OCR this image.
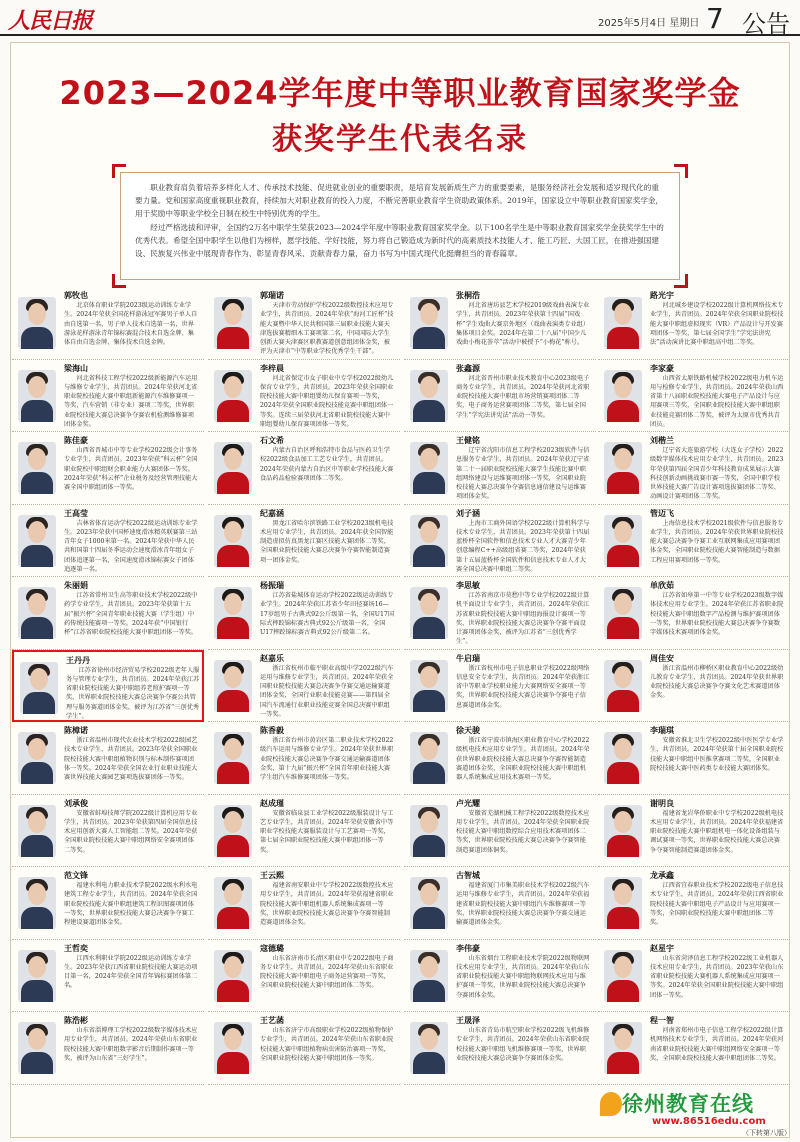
人民日报	2025年5月4日 星期日 7 公告
2023—2024学年度中等职业教育国家奖学金
获奖学生代表名录

职业教育肩负着培养多样化人才、传承技术技能、促进就业创业的重要职责，是培育发展新质生产力的重要要素，是服务经济社会发展和适岁现代化的重要力量。党和国家高度重视职业教育，持续加大对职业教育的投入力度，不断完善职业教育学生资助政策体系。2019年，国家设立中等职业教育国家奖学金，用于奖励中等职业学校全日制在校生中特别优秀的学生。

经过严格选拔和评审，全国约2万名中职学生荣获2023—2024学年度中等职业教育国家奖学金。以下100名学生是中等职业教育国家奖学金获奖学生中的优秀代表。希望全国中职学生以他们为榜样，愿学技能、学好技能，努力将自己锻造成为新时代的高素质技术技能人才、能工巧匠、大国工匠，在推进强国建设、民族复兴伟业中展现青春作为、彰显青春风采、贡献青春力量，奋力书写为中国式现代化挺膺担当的青春篇章。

郭牧也
北京体育职业学院2023级运动训练专业学生。2024年荣获全国花样游泳冠军赛男子单人自由自选第一名，男子单人技术自选第一名，世界游泳花样游泳青年锦标赛混合技术自选金牌、集体自由自选金牌、集体技术自选金牌。
郭瑞诺
天津市劳动保护学校2022级数控技术应用专业学生，共青团员。2024年荣获“海河工匠杯”技能大赛暨中华人民共和国第三届职业技能大赛天津选拔赛精细木工赛项第二名，中国国际大学生创新大赛天津赛区职教赛道创意组团体金奖，被评为天津市“中等职业学校优秀学生干部”。
张桐浩
河北省唐坊县艺术学校2019级戏曲表演专业学生，共青团员。2023年荣获第十四届“国戏杯”学生戏曲大赛京外地区（戏曲表演类专业组）集体项目金奖。2024年在第二十八届“中国少儿戏曲小梅花荟萃”活动中被授予“小梅花”称号。
路光宇
河北城乡建设学校2022级计算机网络技术专业学生，共青团员。2024年荣获全国职业院校技能大赛中职组虚拟现实（VR）产品设计与开发赛项团体一等奖，第七届全国学生“学宪法讲宪法”活动演讲比赛中职组高中组二等奖。
梁海山
河北省科技工程学校2022级新能源汽车运用与维修专业学生，共青团员。2024年荣获河北省职业院校技能大赛中职组新能源汽车维修赛项一等奖，汽车营销（非专业）赛项二等奖，世界职业院校技能大赛总决赛争夺赛农机检测维修赛项团体金奖。
李梓晨
河北省保定市女子职业中专学校2022级幼儿保育专业学生，共青团员。2023年荣获全国职业院校技能大赛中职组婴幼儿保育赛项一等奖，2024年荣获全国职业院校技能竞赛中职组团体一等奖。连续三届荣获河北省职业院校技能大赛中职组婴幼儿保育赛项团体一等奖。
张鑫源
河北省晋州市职业技术教育中心2023级电子商务专业学生，共青团员。2024年荣获河北省职业院校技能大赛中职组市场营销赛项团体二等奖，电子商务运营赛项团体二等奖，第七届全国学生“学宪法讲宪法”活动一等奖。
李家豪
山西省太原铁路机械学校2022级电力机车运用与检修专业学生，共青团员。2024年荣获山西省第十八届职业院校技能大赛电子产品设计与应用赛项三等奖，全国职业院校技能大赛中职组职业技能竞赛团体二等奖，被评为太原市优秀共青团员。
陈佳豪
山西省晋城市中等专业学校2022级会计事务专业学生，共青团员。2023年荣获“科云杯”全国职业院校中职组财会职业能力大赛团体一等奖。2024年荣获“科云杯”企业税务及经营管理技能大赛全国中职组团体一等奖。
石文希
内蒙古自治区呼和浩特市食品与医药卫生学校2022级食品加工工艺专业学生，共青团员。2024年荣获内蒙古自治区中等职业学校技能大赛食品药品检验赛项团体二等奖。
王健铭
辽宁省沈阳市信息工程学校2023级软件与信息服务专业学生，共青团员。2024年荣获辽宁省第二十一届职业院校技能大赛学生技能比赛中职组网络建设与运维赛项团体一等奖，全国职业院校技能大赛总决赛争夺赛信息通信建设与运维赛项团体金奖。
刘楷兰
辽宁省大连旅游学校（大连女子学校）2022级数字媒体技术应用专业学生，共青团员。2023年荣获第四届全国青少年科技教育成果展示大赛科技创新动画挑战赛市赛一等奖，全国中职学校世界技能大赛广告设计赛项选拔赛团体二等奖、动画设计赛项团体二等奖。
王高莹
吉林省体育运动学校2022级运动训练专业学生。2023年荣获中国杯速度滑冰精英联赛第三站青年女子1000米第一名。2024年荣获中华人民共和国第十四届冬季运动会速度滑冰青年组女子团体追逐第一名，全国速度滑冰锦标赛女子团体追逐第一名。
纪嘉涵
黑龙江省哈尔滨铁路工业学校2023级机电技术应用专业学生，共青团员。2024年获全国智能制造虚拟仿真黑龙江赛区技能大赛团体二等奖，全国职业院校技能大赛总决赛争夺赛智能制造赛项一团体金奖。
刘子涵
上海市工商外国语学校2022级计算机科学与技术专业学生，共青团员。2023年荣获第十四届蓝桥杯全国软件和信息技术专业人才大赛青少年创意编程C++高级组省赛二等奖，2024年荣获第十五届蓝桥杯全国软件和信息技术专业人才大赛全国总决赛中职组二等奖。
管迈飞
上海信息技术学校2021级软件与信息服务专业学生，共青团员。2024年荣获世界职业院校技能大赛总决赛争夺赛工业互联网集成应用赛项团体金奖，全国职业院校技能大赛智能制造与数据工程应用赛项团体一等奖。
朱丽娟
江苏省常州卫生高等职业技术学校2022级中药学专业学生，共青团员。2023年荣获第十五届“振兴杯”全国青年职业技能大赛（学生组）中药传统技能赛项一等奖。2024年获“中国银行杯”江苏省职业院校技能大赛中职组团体一等奖。
杨振瑞
江苏省盐城体育运动学校2022级运动训练专业学生。2024年荣获江苏省少年田径赛场16—17岁组男子古典式92公斤级第一名，全国U17国际式摔跤锦标赛古典式92公斤级第一名，全国U17摔跤锦标赛古典式92公斤级第二名。
李思敏
江苏省南京市莫愁中等专业学校2022级计算机平面设计专业学生，共青团员。2024年荣获江苏省职业院校技能大赛中职组海报设计赛项一等奖，世界职业院校技能大赛总决赛争夺赛平面设计赛项团体金奖，被评为江苏省“三创优秀学生”。
单欣茹
江苏省如皋第一中等专业学校2023级数字媒体技术应用专业学生。2024年荣获江苏省职业院校技能大赛中职组数字产品检测与维护赛项团体一等奖，世界职业院校技能大赛总决赛争夺赛数字媒体技术赛项团体金奖。
王丹丹
江苏省徐州市经济贸易学校2022级老年人服务与管理专业学生，共青团员。2024年荣获江苏省职业院校技能大赛中职组养老照护赛项一等奖，世界职业院校技能大赛总决赛争夺赛公共管理与服务赛道团体金奖，被评为江苏省“三创优秀学生”。
赵嘉乐
浙江省杭州市临平职业高级中学2022级汽车运用与维修专业学生，共青团员。2024年荣获全国职业院校技能大赛总决赛争夺赛交通运输赛道团体金奖，全国行业职业技能竞赛——第四届全国汽车流通行业职业技能竞赛全国总决赛中职组一等奖。
牛启瑞
浙江省杭州市电子信息职业学校2022级网络信息安全专业学生，共青团员。2024年荣获浙江省中等职业学校职业能力大赛网络安全赛项一等奖，世界职业院校技能大赛总决赛争夺赛电子信息赛道团体金奖。
周佳安
浙江省温州市柳桥区职业教育中心2022级幼儿教育专业学生，共青团员。2024年荣获世界职业院校技能大赛总决赛争夺赛文化艺术赛道团体金奖。
陈樟诺
浙江省温州市现代农业技术学校2022级园艺技术专业学生，共青团员。2023年荣获全国职业院校技能大赛中职组植物识别与标本制作赛项团体一等奖。2024年荣获全国农业行业职业技能大赛世界技能大赛园艺赛项选拔赛团体一等奖。
陈香毅
浙江省台州市黄岩区第二职业技术学校2022级汽车运用与维修专业学生。2024年荣获世界职业院校技能大赛总决赛争夺赛交通运输赛道团体金奖，第十九届“振兴杯”全国青年职业技能大赛学生组汽车维修赛项团体一等奖。
徐天骏
浙江省宁波市镇海区职业教育中心学校2022级机电技术应用专业学生，共青团员。2024年荣获世界职业院校技能大赛总决赛争夺赛智能制造赛道团体金奖，全国职业院校技能大赛中职组机器人系统集成应用技术赛项一等奖。
李瑞琪
安徽省淮北卫生学校2022级中医医学专业学生，共青团员。2024年荣获第十届全国职业院校技能大赛中职组中医推拿赛项二等奖，全国职业院校技能大赛中医药类专业技能大赛团体奖。
刘承俊
安徽省蚌埠技师学院2022级计算机应用专业学生，共青团员。2023年荣获第四届全国信息技术应用创新大赛人工智能组二等奖。2024年荣获全国职业院校技能大赛中职组网络安全赛项团体二等奖。
赵成瑾
安徽省临泉县工业学校2022级服装设计与工艺专业学生，共青团员。2024年荣获安徽省中等职业学校技能大赛服装设计与工艺赛项一等奖，第七届全国职业院校技能大赛中职组团体一等奖。
卢光耀
安徽省芜湖机械工程学校2022级数控技术应用专业学生，共青团员。2024年荣获全国职业院校技能大赛中职组数控综合应用技术赛项团体二等奖，世界职业院校技能大赛总决赛争夺赛智能制造赛道团体铜奖。
谢明良
福建省龙岩华侨职业中专学校2022级机电技术应用专业学生，共青团员。2024年荣获福建省职业院校技能大赛中职组机电一体化设备组装与调试赛项一等奖，世界职业院校技能大赛总决赛争夺赛智能制造赛道团体金奖。
范文锋
福建水利电力职业技术学院2022级水利水电建筑工程专业学生，共青团员。2024年荣获全国职业院校技能大赛中职组建筑工程识图赛项团体一等奖，世界职业院校技能大赛总决赛争夺赛工程建设赛道团体金奖。
王云熙
福建省南安职业中专学校2022级数控技术应用专业学生，共青团员。2024年荣获福建省职业院校技能大赛中职组机器人系统集成赛项一等奖，世界职业院校技能大赛总决赛争夺赛智能制造赛道团体金奖。
古智城
福建省厦门市集美职业技术学校2022级汽车运用与维修专业学生，共青团员。2024年荣获福建省职业院校技能大赛中职组汽车维修赛项一等奖，世界职业院校技能大赛总决赛争夺赛交通运输赛道团体金奖。
龙承鑫
江西省宜春职业技术学校2022级电子信息技术专业学生，共青团员。2024年荣获江西省职业院校技能大赛中职组电子产品设计与应用赛项一等奖，全国职业院校技能大赛中职组团体二等奖。
王哲奕
江西水利职业学院2022级运动训练专业学生。2023年荣获江西省职业院校技能大赛运动项目第一名，2024年荣获全国青年锦标赛团体第二名。
寇德璐
山东省济南市长清区职业中专2022级电子商务专业学生，共青团员。2024年荣获山东省职业院校技能大赛中职组电子商务运营赛项一等奖，全国职业院校技能大赛中职组团体二等奖。
李伟豪
山东省烟台工程职业技术学院2022级物联网技术应用专业学生，共青团员。2024年荣获山东省职业院校技能大赛中职组物联网技术应用与维护赛项一等奖，世界职业院校技能大赛总决赛争夺赛团体金奖。
赵星宇
山东省菏泽信息工程学校2022级工业机器人技术应用专业学生，共青团员。2023年荣获山东省职业院校技能大赛机器人系统集成应用赛项一等奖。2024年荣获全国职业院校技能大赛中职组团体一等奖。
陈浩彬
山东省淄博理工学校2022级数字媒体技术应用专业学生，共青团员。2024年荣获山东省职业院校技能大赛中职组数字影音后期制作赛项一等奖，被评为山东省“三好学生”。
王艺菡
山东省济宁市高级职业学校2022级植物保护专业学生，共青团员。2024年荣获山东省职业院校技能大赛中职组植物病虫害防治赛项一等奖，全国职业院校技能大赛中职组团体一等奖。
王晟泽
山东省青岛市航空职业学校2022级飞机维修专业学生，共青团员。2024年荣获山东省职业院校技能大赛中职组飞机维修赛项一等奖，世界职业院校技能大赛总决赛争夺赛团体金奖。
程一智
河南省郑州市电子信息工程学校2022级计算机网络技术专业学生，共青团员。2024年荣获河南省职业院校技能大赛中职组网络安全赛项一等奖，全国职业院校技能大赛中职组团体二等奖。
徐州教育在线
www.86516edu.com
（下转第八版）
